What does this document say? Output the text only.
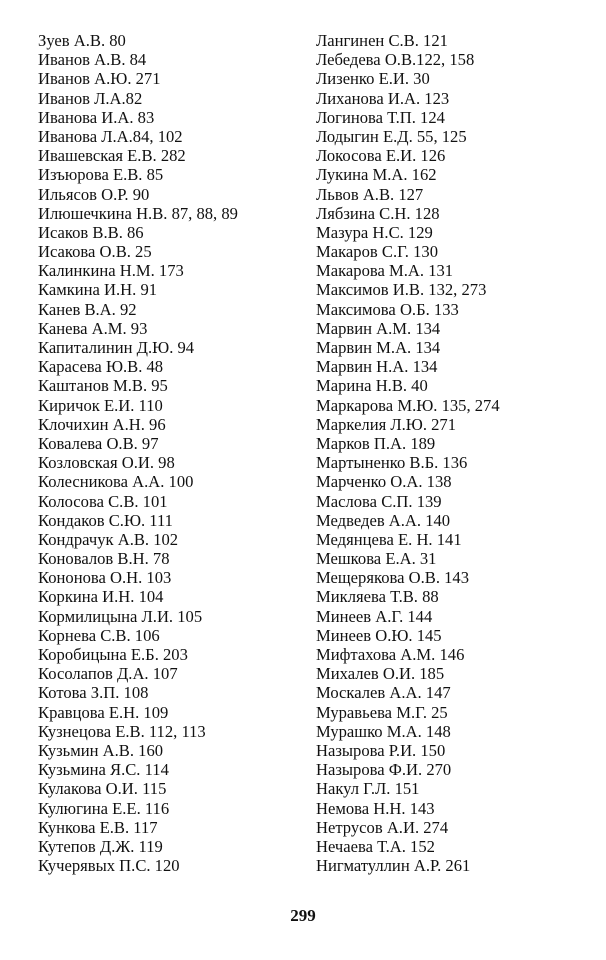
Зуев А.В. 80
Иванов А.В. 84
Иванов А.Ю. 271
Иванов Л.А.82
Иванова И.А. 83
Иванова Л.А.84, 102
Ивашевская Е.В. 282
Изъюрова Е.В. 85
Ильясов О.Р. 90
Илюшечкина Н.В. 87, 88, 89
Исаков В.В. 86
Исакова О.В. 25
Калинкина Н.М. 173
Камкина И.Н. 91
Канев В.А. 92
Канева А.М. 93
Капиталинин Д.Ю. 94
Карасева Ю.В. 48
Каштанов М.В. 95
Киричок Е.И. 110
Клочихин А.Н. 96
Ковалева О.В. 97
Козловская О.И. 98
Колесникова А.А. 100
Колосова С.В. 101
Кондаков С.Ю. 111
Кондрачук А.В. 102
Коновалов В.Н. 78
Кононова О.Н. 103
Коркина И.Н. 104
Кормилицына Л.И. 105
Корнева С.В. 106
Коробицына Е.Б. 203
Косолапов Д.А. 107
Котова З.П. 108
Кравцова Е.Н. 109
Кузнецова Е.В. 112, 113
Кузьмин А.В. 160
Кузьмина Я.С. 114
Кулакова О.И. 115
Кулюгина Е.Е. 116
Кункова Е.В. 117
Кутепов Д.Ж. 119
Кучерявых П.С. 120
Лангинен С.В. 121
Лебедева О.В.122, 158
Лизенко Е.И. 30
Лиханова И.А. 123
Логинова Т.П. 124
Лодыгин Е.Д. 55, 125
Локосова Е.И. 126
Лукина М.А. 162
Львов А.В. 127
Лябзина С.Н. 128
Мазура Н.С. 129
Макаров С.Г. 130
Макарова М.А. 131
Максимов И.В. 132, 273
Максимова О.Б. 133
Марвин А.М. 134
Марвин М.А. 134
Марвин Н.А. 134
Марина Н.В. 40
Маркарова М.Ю. 135, 274
Маркелия Л.Ю. 271
Марков П.А. 189
Мартыненко В.Б. 136
Марченко О.А. 138
Маслова С.П. 139
Медведев А.А. 140
Медянцева Е. Н. 141
Мешкова Е.А. 31
Мещерякова О.В. 143
Микляева Т.В. 88
Минеев А.Г. 144
Минеев О.Ю. 145
Мифтахова А.М. 146
Михалев О.И. 185
Москалев А.А. 147
Муравьева М.Г. 25
Мурашко М.А. 148
Назырова Р.И. 150
Назырова Ф.И. 270
Накул Г.Л. 151
Немова Н.Н. 143
Нетрусов А.И. 274
Нечаева Т.А. 152
Нигматуллин А.Р. 261
299
